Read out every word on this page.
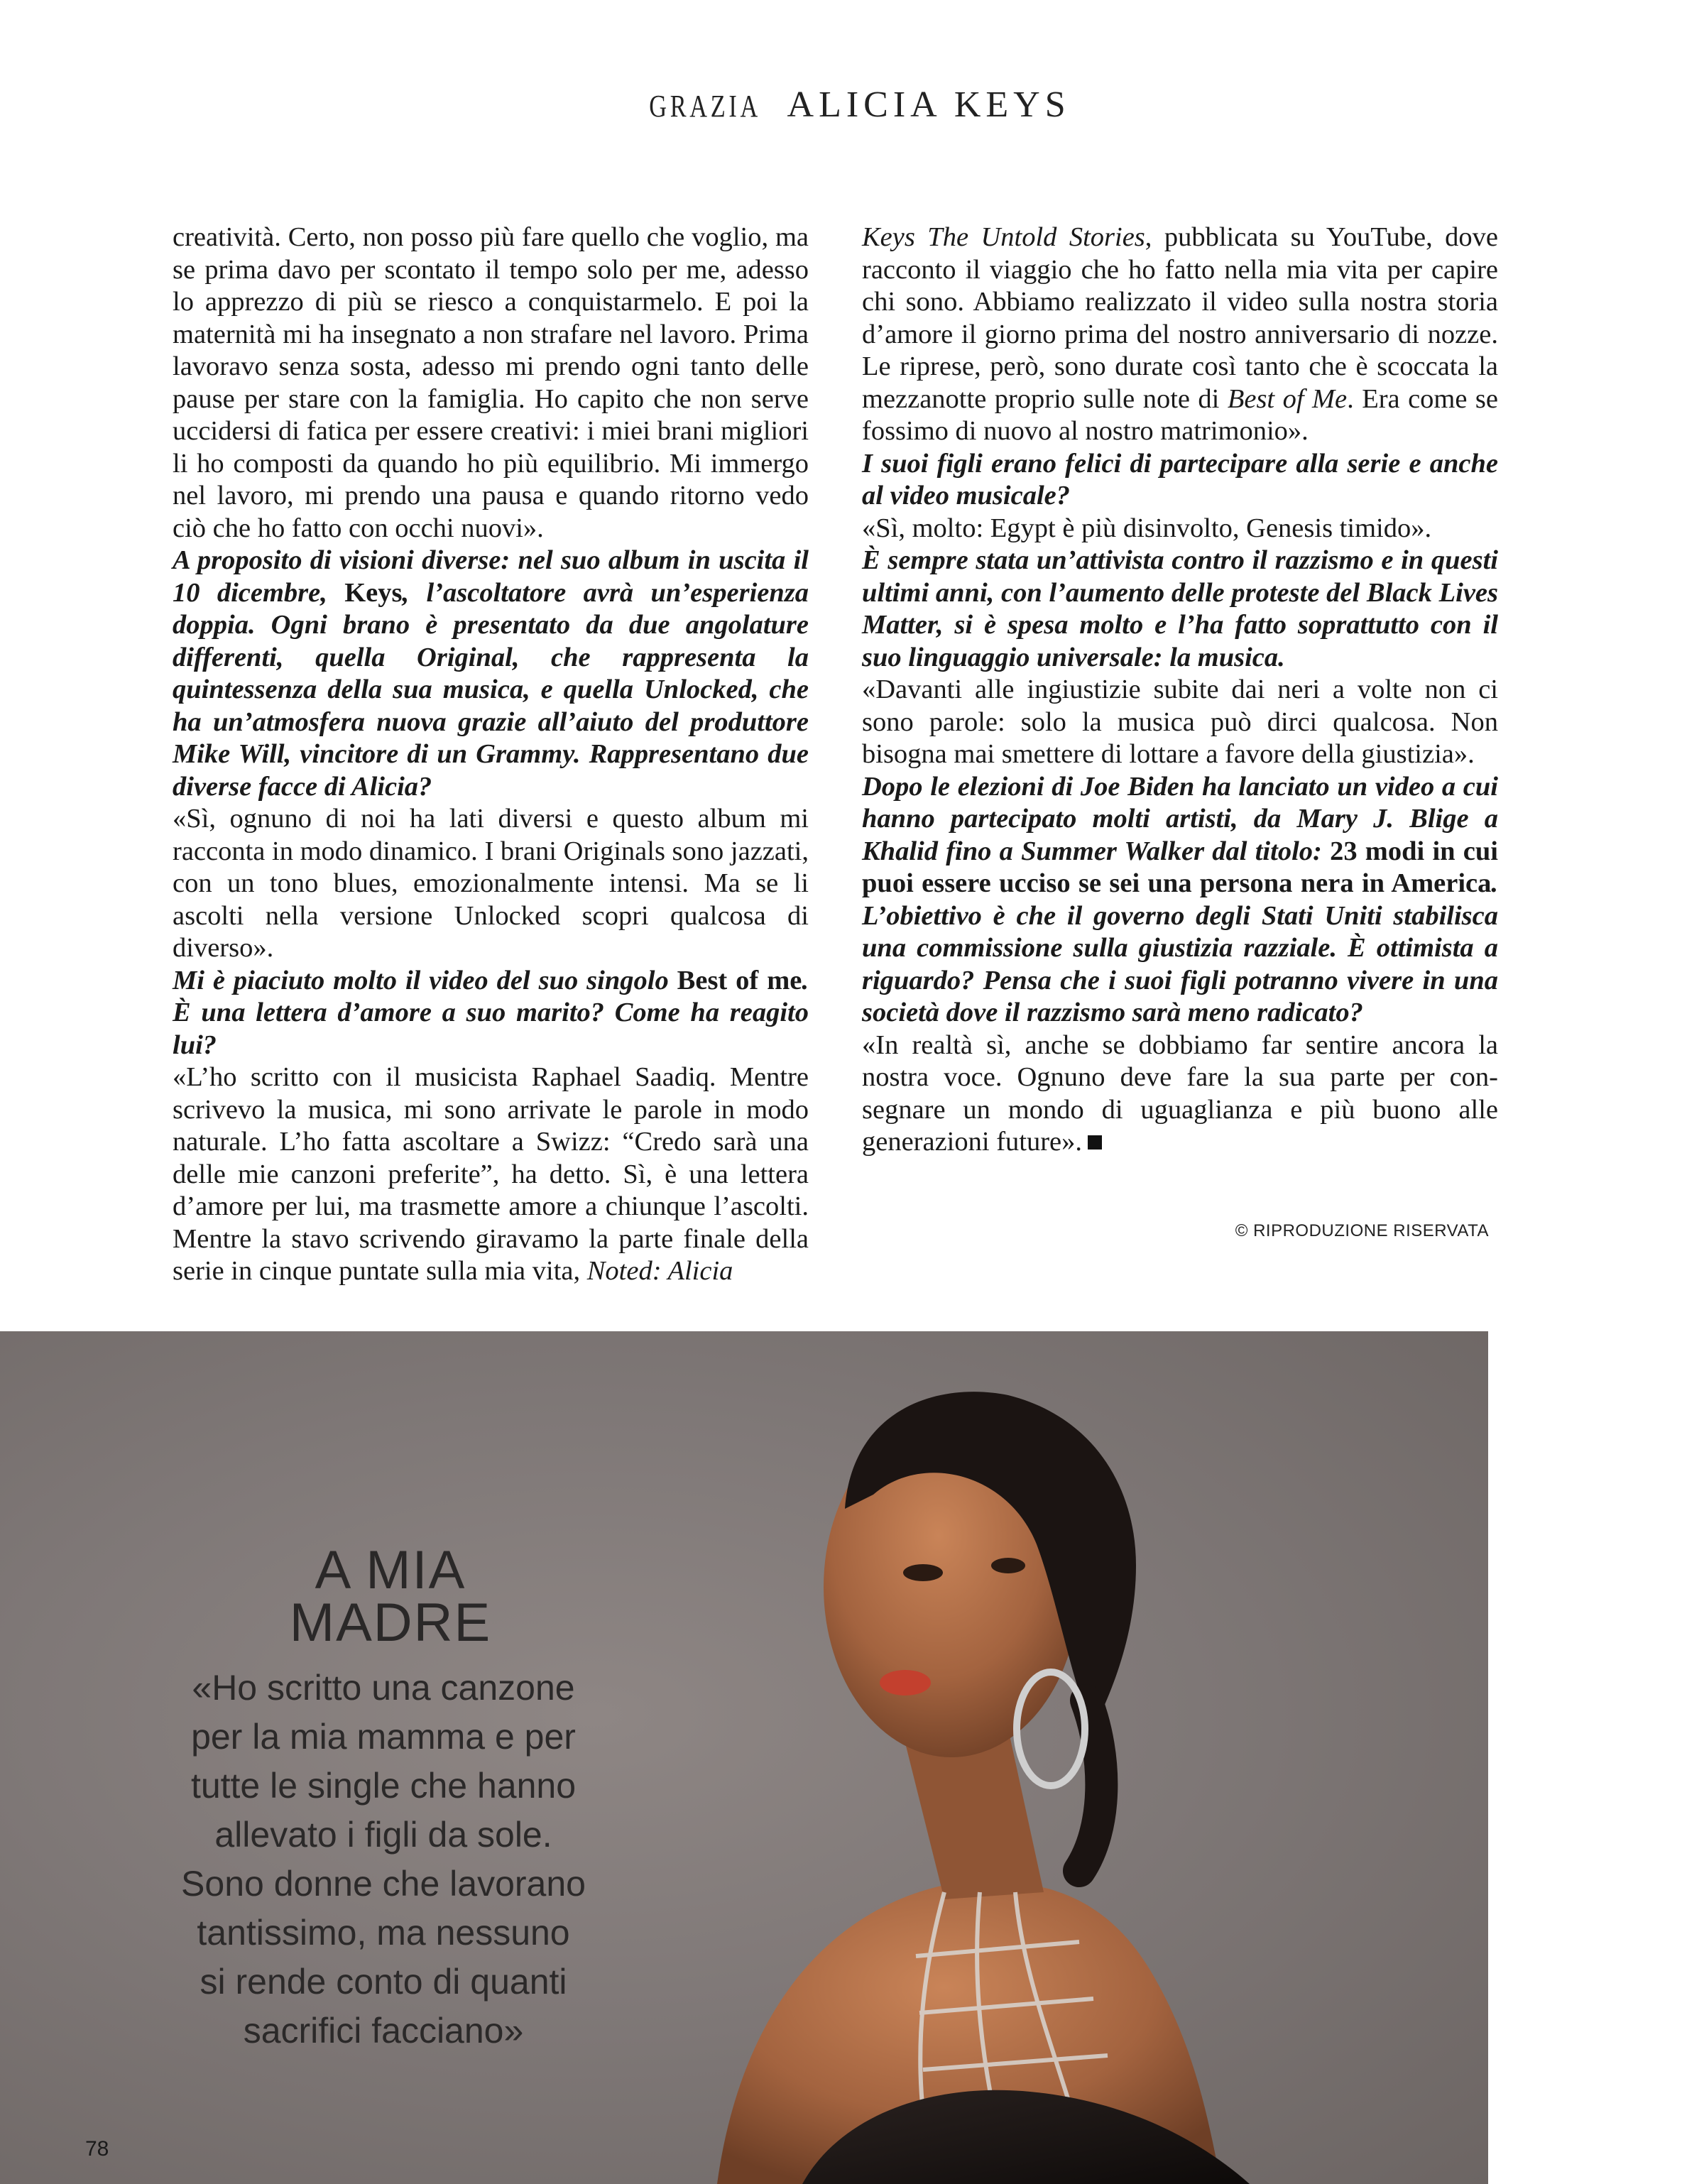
GRAZIA ALICIA KEYS

creatività. Certo, non posso più fare quello che voglio, ma se prima davo per scontato il tempo solo per me, adesso lo apprezzo di più se riesco a conquistarmelo. E poi la maternità mi ha insegnato a non strafare nel lavoro. Prima lavoravo senza sosta, adesso mi prendo ogni tanto delle pause per stare con la famiglia. Ho capito che non serve uccidersi di fatica per essere creativi: i miei brani migliori li ho composti da quando ho più equilibrio. Mi immergo nel lavoro, mi prendo una pausa e quando ritorno vedo ciò che ho fatto con occhi nuovi».

A proposito di visioni diverse: nel suo album in uscita il 10 dicembre, Keys, l’ascoltatore avrà un’esperienza doppia. Ogni brano è presentato da due angolature differenti, quella Original, che rappresenta la quintessenza della sua musica, e quella Unlocked, che ha un’atmosfera nuova grazie all’aiuto del produttore Mike Will, vincitore di un Grammy. Rappresentano due diverse facce di Alicia?

«Sì, ognuno di noi ha lati diversi e questo album mi racconta in modo dinamico. I brani Originals sono jazzati, con un tono blues, emozionalmente intensi. Ma se li ascolti nella versione Unlocked scopri qualcosa di diverso».

Mi è piaciuto molto il video del suo singolo Best of me. È una lettera d’amore a suo marito? Come ha reagito lui?

«L’ho scritto con il musicista Raphael Saadiq. Mentre scrivevo la musica, mi sono arrivate le parole in modo naturale. L’ho fatta ascoltare a Swizz: “Credo sarà una delle mie canzoni preferite”, ha detto. Sì, è una lettera d’amore per lui, ma trasmette amore a chiunque l’ascolti. Mentre la stavo scrivendo giravamo la parte finale della serie in cinque puntate sulla mia vita, Noted: Alicia

Keys The Untold Stories, pubblicata su YouTube, dove racconto il viaggio che ho fatto nella mia vita per capire chi sono. Abbiamo realizzato il video sulla nostra storia d’amore il giorno prima del nostro anniversario di nozze. Le riprese, però, sono durate così tanto che è scoccata la mezzanotte proprio sulle note di Best of Me. Era come se fossimo di nuovo al nostro matrimonio».

I suoi figli erano felici di partecipare alla serie e anche al video musicale?

«Sì, molto: Egypt è più disinvolto, Genesis timido».

È sempre stata un’attivista contro il razzismo e in questi ultimi anni, con l’aumento delle proteste del Black Lives Matter, si è spesa molto e l’ha fatto soprattutto con il suo linguaggio universale: la musica.

«Davanti alle ingiustizie subite dai neri a volte non ci sono parole: solo la musica può dirci qualcosa. Non bisogna mai smettere di lottare a favore della giustizia».

Dopo le elezioni di Joe Biden ha lanciato un video a cui hanno partecipato molti artisti, da Mary J. Blige a Khalid fino a Summer Walker dal titolo: 23 modi in cui puoi essere ucciso se sei una persona nera in America. L’obiettivo è che il governo degli Stati Uniti stabilisca una commissione sulla giustizia razziale. È ottimista a riguardo? Pensa che i suoi figli potranno vivere in una società dove il razzismo sarà meno radicato?

«In realtà sì, anche se dobbiamo far sentire ancora la nostra voce. Ognuno deve fare la sua parte per consegnare un mondo di uguaglianza e più buono alle generazioni future».

© RIPRODUZIONE RISERVATA
A MIA
MADRE
«Ho scritto una canzone
per la mia mamma e per
tutte le single che hanno
allevato i figli da sole.
Sono donne che lavorano
tantissimo, ma nessuno
si rende conto di quanti
sacrifici facciano»
78
